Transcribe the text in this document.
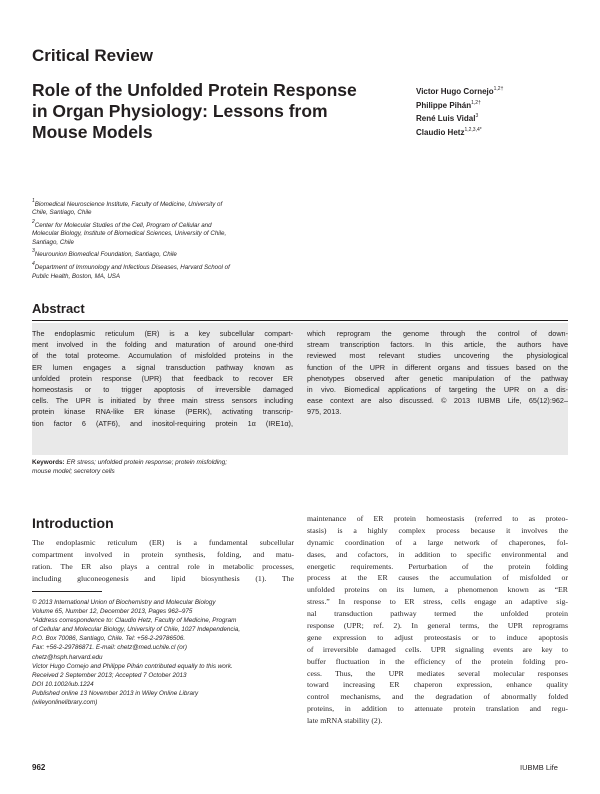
Critical Review
Role of the Unfolded Protein Response
in Organ Physiology: Lessons from
Mouse Models
Victor Hugo Cornejo$^{1,2\dagger}$
Philippe Pihán$^{1,2\dagger}$
René Luis Vidal$^3$
Claudio Hetz$^{1,2,3,4*}$
$^1$Biomedical Neuroscience Institute, Faculty of Medicine, University of
Chile, Santiago, Chile
$^2$Center for Molecular Studies of the Cell, Program of Cellular and
Molecular Biology, Institute of Biomedical Sciences, University of Chile,
Santiago, Chile
$^3$Neurounion Biomedical Foundation, Santiago, Chile
$^4$Department of Immunology and Infectious Diseases, Harvard School of
Public Health, Boston, MA, USA
Abstract
The endoplasmic reticulum (ER) is a key subcellular compart-
ment involved in the folding and maturation of around one-third
of the total proteome. Accumulation of misfolded proteins in the
ER lumen engages a signal transduction pathway known as
unfolded protein response (UPR) that feedback to recover ER
homeostasis or to trigger apoptosis of irreversible damaged
cells. The UPR is initiated by three main stress sensors including
protein kinase RNA-like ER kinase (PERK), activating transcrip-
tion factor 6 (ATF6), and inositol-requiring protein 1α (IRE1α),
which reprogram the genome through the control of down-
stream transcription factors. In this article, the authors have
reviewed most relevant studies uncovering the physiological
function of the UPR in different organs and tissues based on the
phenotypes observed after genetic manipulation of the pathway
in vivo. Biomedical applications of targeting the UPR on a dis-
ease context are also discussed. © 2013 IUBMB Life, 65(12):962–
975, 2013.
Keywords: ER stress; unfolded protein response; protein misfolding;
mouse model; secretory cells
Introduction
The endoplasmic reticulum (ER) is a fundamental subcellular
compartment involved in protein synthesis, folding, and matu-
ration. The ER also plays a central role in metabolic processes,
including gluconeogenesis and lipid biosynthesis (1). The
maintenance of ER protein homeostasis (referred to as proteo-
stasis) is a highly complex process because it involves the
dynamic coordination of a large network of chaperones, fol-
dases, and cofactors, in addition to specific environmental and
energetic requirements. Perturbation of the protein folding
process at the ER causes the accumulation of misfolded or
unfolded proteins on its lumen, a phenomenon known as “ER
stress.” In response to ER stress, cells engage an adaptive sig-
nal transduction pathway termed the unfolded protein
response (UPR; ref. 2). In general terms, the UPR reprograms
gene expression to adjust proteostasis or to induce apoptosis
of irreversible damaged cells. UPR signaling events are key to
buffer fluctuation in the efficiency of the protein folding pro-
cess. Thus, the UPR mediates several molecular responses
toward increasing ER chaperon expression, enhance quality
control mechanisms, and the degradation of abnormally folded
proteins, in addition to attenuate protein translation and regu-
late mRNA stability (2).
© 2013 International Union of Biochemistry and Molecular Biology
Volume 65, Number 12, December 2013, Pages 962–975
*Address correspondence to: Claudio Hetz, Faculty of Medicine, Program
of Cellular and Molecular Biology, University of Chile, 1027 Independencia,
P.O. Box 70086, Santiago, Chile. Tel: +56-2-29786506.
Fax: +56-2-29786871. E-mail: chetz@med.uchile.cl (or)
chetz@hsph.harvard.edu
Victor Hugo Cornejo and Philippe Pihán contributed equally to this work.
Received 2 September 2013; Accepted 7 October 2013
DOI 10.1002/iub.1224
Published online 13 November 2013 in Wiley Online Library
(wileyonlinelibrary.com)
962	IUBMB Life
